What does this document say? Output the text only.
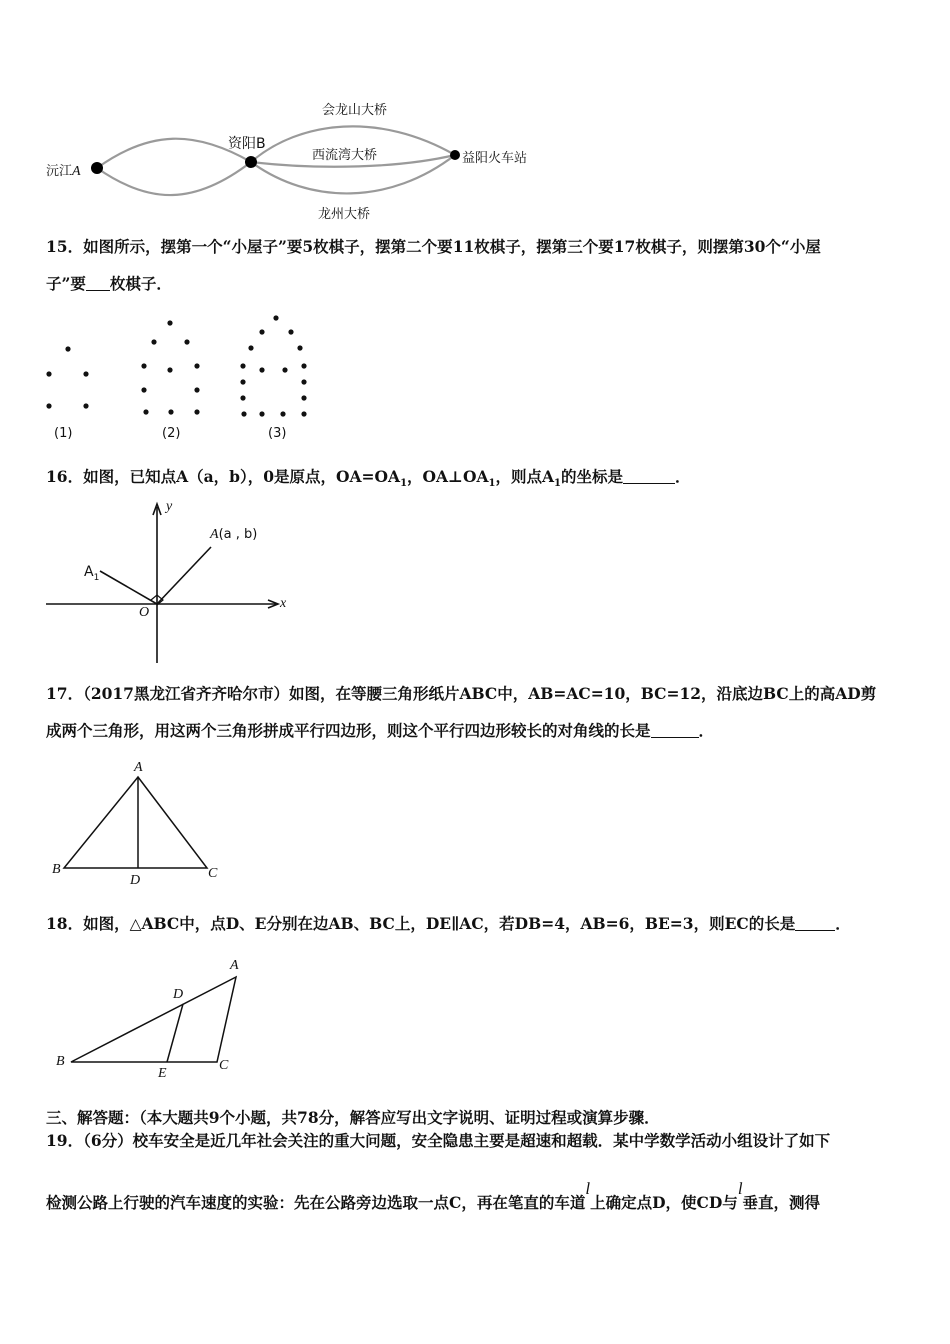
沅江A
资阳B
益阳火车站
会龙山大桥
西流湾大桥
龙州大桥
15．如图所示，摆第一个“小屋子”要5枚棋子，摆第二个要11枚棋子，摆第三个要17枚棋子，则摆第30个“小屋
子”要 枚棋子．
(1)	(2)	(3)
16．如图，已知点A（a，b），0是原点，$OA=OA_1$，$OA\perp OA_1$，则点$A_1$的坐标是	．
y
x
O
A(a , b)
$A_1$
17．（2017黑龙江省齐齐哈尔市）如图，在等腰三角形纸片ABC中，AB=AC=10，BC=12，沿底边BC上的高AD剪
成两个三角形，用这两个三角形拼成平行四边形，则这个平行四边形较长的对角线的长是	．
A
B	C
D
18．如图，△ABC中，点D、E分别在边AB、BC上，DE∥AC，若DB=4，AB=6，BE=3，则EC的长是	．
A
D
B
E
C
三、解答题：（本大题共9个小题，共78分，解答应写出文字说明、证明过程或演算步骤．
19．（6分）校车安全是近几年社会关注的重大问题，安全隐患主要是超速和超载．某中学数学活动小组设计了如下
检测公路上行驶的汽车速度的实验：先在公路旁边选取一点C，再在笔直的车道l上确定点D，使CD与l垂直，测得
